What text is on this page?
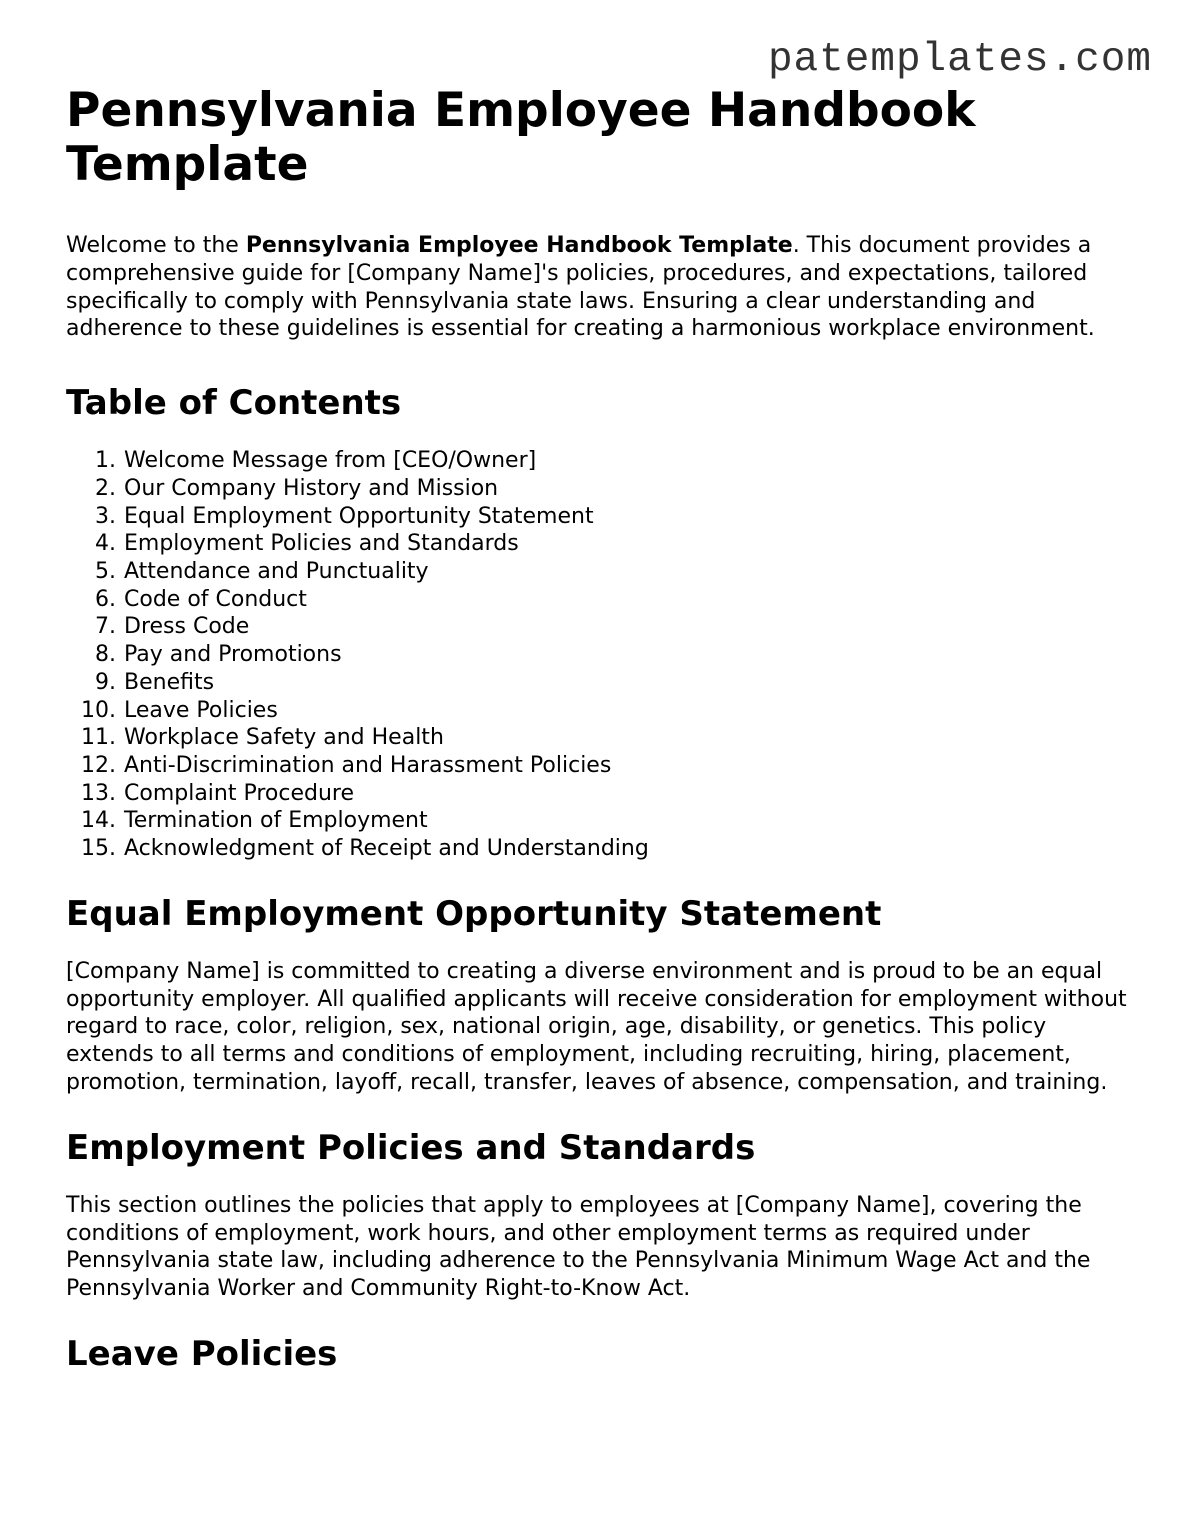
patemplates.com
Pennsylvania Employee Handbook Template

Welcome to the Pennsylvania Employee Handbook Template. This document provides a comprehensive guide for [Company Name]'s policies, procedures, and expectations, tailored specifically to comply with Pennsylvania state laws. Ensuring a clear understanding and adherence to these guidelines is essential for creating a harmonious workplace environment.

Table of Contents
1. Welcome Message from [CEO/Owner]
2. Our Company History and Mission
3. Equal Employment Opportunity Statement
4. Employment Policies and Standards
5. Attendance and Punctuality
6. Code of Conduct
7. Dress Code
8. Pay and Promotions
9. Benefits
10. Leave Policies
11. Workplace Safety and Health
12. Anti-Discrimination and Harassment Policies
13. Complaint Procedure
14. Termination of Employment
15. Acknowledgment of Receipt and Understanding
Equal Employment Opportunity Statement

[Company Name] is committed to creating a diverse environment and is proud to be an equal opportunity employer. All qualified applicants will receive consideration for employment without regard to race, color, religion, sex, national origin, age, disability, or genetics. This policy extends to all terms and conditions of employment, including recruiting, hiring, placement, promotion, termination, layoff, recall, transfer, leaves of absence, compensation, and training.

Employment Policies and Standards

This section outlines the policies that apply to employees at [Company Name], covering the conditions of employment, work hours, and other employment terms as required under Pennsylvania state law, including adherence to the Pennsylvania Minimum Wage Act and the Pennsylvania Worker and Community Right-to-Know Act.

Leave Policies
